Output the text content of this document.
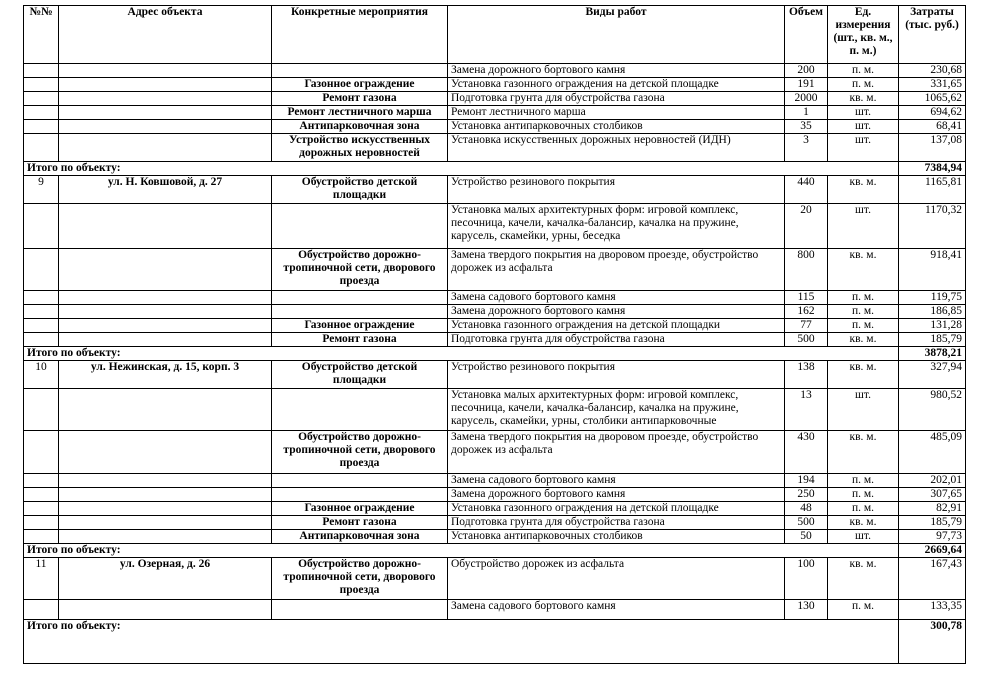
№№	Адрес объекта	Конкретные мероприятия	Виды работ	Объем	Ед. измерения (шт., кв. м., п. м.)	Затраты (тыс. руб.)
			Замена дорожного бортового камня	200	п. м.	230,68
		Газонное ограждение	Установка газонного ограждения на детской площадке	191	п. м.	331,65
		Ремонт газона	Подготовка грунта для обустройства газона	2000	кв. м.	1065,62
		Ремонт лестничного марша	Ремонт лестничного марша	1	шт.	694,62
		Антипарковочная зона	Установка антипарковочных столбиков	35	шт.	68,41
		Устройство искусственных дорожных неровностей	Установка искусственных дорожных неровностей (ИДН)	3	шт.	137,08
Итого по объекту:						7384,94
9	ул. Н. Ковшовой, д. 27	Обустройство детской площадки	Устройство резинового покрытия	440	кв. м.	1165,81
			Установка малых архитектурных форм: игровой комплекс, песочница, качели, качалка-балансир, качалка на пружине, карусель, скамейки, урны, беседка	20	шт.	1170,32
		Обустройство дорожно-тропиночной сети, дворового проезда	Замена твердого покрытия на дворовом проезде, обустройство дорожек из асфальта	800	кв. м.	918,41
			Замена садового бортового камня	115	п. м.	119,75
			Замена дорожного бортового камня	162	п. м.	186,85
		Газонное ограждение	Установка газонного ограждения на детской площадки	77	п. м.	131,28
		Ремонт газона	Подготовка грунта для обустройства газона	500	кв. м.	185,79
Итого по объекту:						3878,21
10	ул. Нежинская, д. 15, корп. 3	Обустройство детской площадки	Устройство резинового покрытия	138	кв. м.	327,94
			Установка малых архитектурных форм: игровой комплекс, песочница, качели, качалка-балансир, качалка на пружине, карусель, скамейки, урны, столбики антипарковочные	13	шт.	980,52
		Обустройство дорожно-тропиночной сети, дворового проезда	Замена твердого покрытия на дворовом проезде, обустройство дорожек из асфальта	430	кв. м.	485,09
			Замена садового бортового камня	194	п. м.	202,01
			Замена дорожного бортового камня	250	п. м.	307,65
		Газонное ограждение	Установка газонного ограждения на детской площадке	48	п. м.	82,91
		Ремонт газона	Подготовка грунта для обустройства газона	500	кв. м.	185,79
		Антипарковочная зона	Установка антипарковочных столбиков	50	шт.	97,73
Итого по объекту:						2669,64
11	ул. Озерная, д. 26	Обустройство дорожно-тропиночной сети, дворового проезда	Обустройство дорожек из асфальта	100	кв. м.	167,43
			Замена садового бортового камня	130	п. м.	133,35
Итого по объекту:						300,78
